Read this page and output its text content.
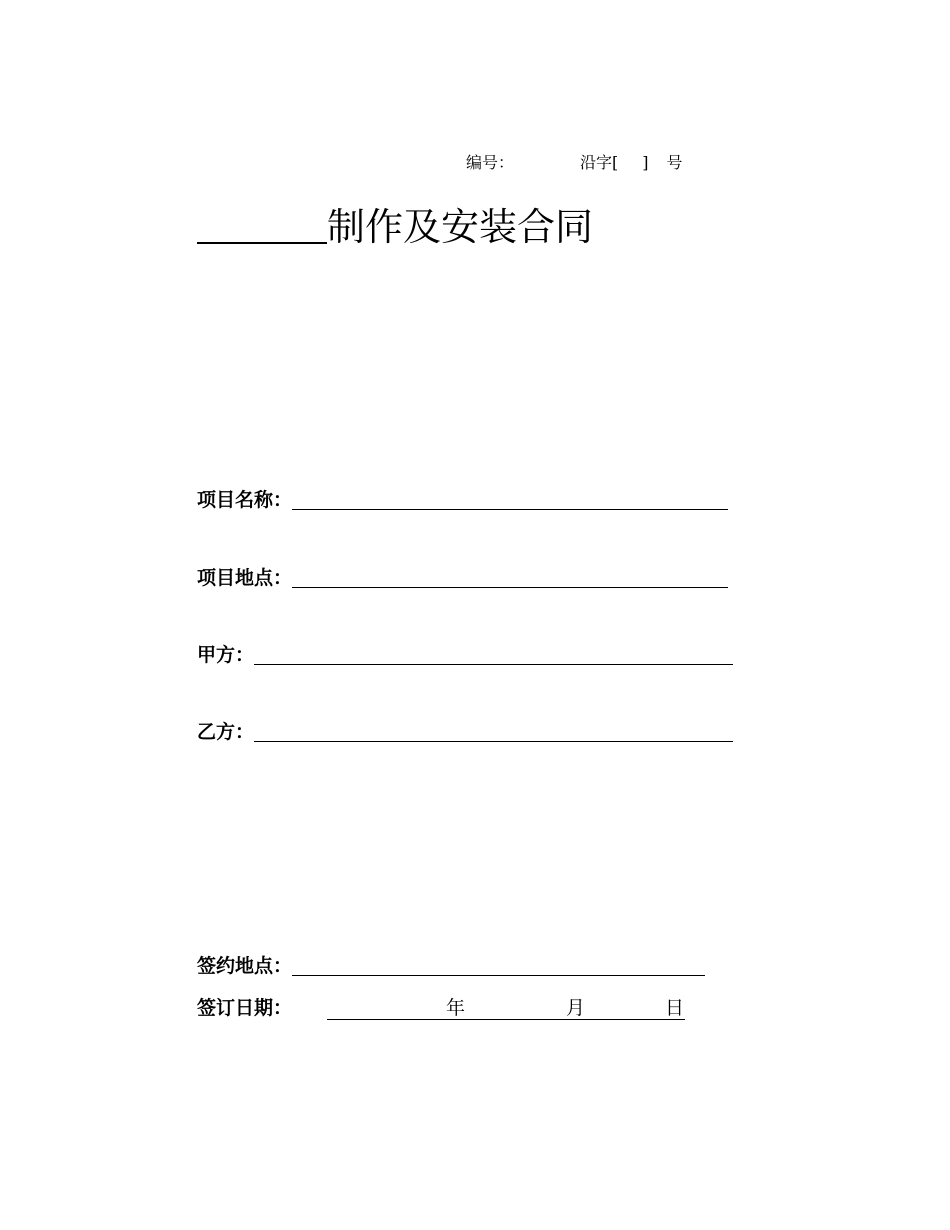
编号：	沿字[ ] 号
制作及安装合同
项目名称：
项目地点：
甲方：
乙方：
签约地点：
签订日期：	年	月	日
